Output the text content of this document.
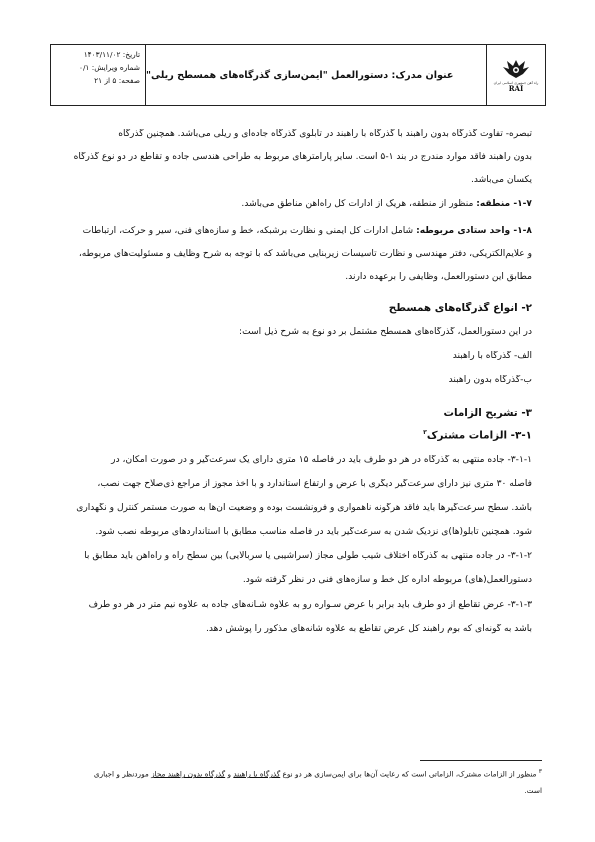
تاریخ: ۱۴۰۳/۱۱/۰۲
شماره ویرایش: ۰/۱
صفحه: ۵ از ۲۱ عنوان مدرک: دستورالعمل "ایمن‌سازی گذرگاه‌های همسطح ریلی"
راه آهن جمهوری اسلامی ایران
RAI
تبصره- تفاوت گذرگاه بدون راهبند با گذرگاه با راهبند در تابلوی گذرگاه جاده‌ای و ریلی می‌باشد. همچنین گذرگاه
بدون راهبند فاقد موارد مندرج در بند ۱-۵ است. سایر پارامترهای مربوط به طراحی هندسی جاده و تقاطع در دو نوع گذرگاه
یکسان می‌باشد.
۱-۷- منطقه: منظور از منطقه، هریک از ادارات کل راه‌آهن مناطق می‌باشد.
۱-۸- واحد ستادی مربوطه: شامل ادارات کل ایمنی و نظارت برشبکه، خط و سازه‌های فنی، سیر و حرکت، ارتباطات
و علایم‌الکتریکی، دفتر مهندسی و نظارت تاسیسات زیربنایی می‌باشد که با توجه به شرح وظایف و مسئولیت‌های مربوطه،
مطابق این دستورالعمل، وظایفی را برعهده دارند.
۲- انواع گذرگاه‌های همسطح
در این دستورالعمل، گذرگاه‌های همسطح مشتمل بر دو نوع به شرح ذیل است:
الف- گذرگاه با راهبند
ب-گذرگاه بدون راهبند
۳- تشریح الزامات
۳-۱- الزامات مشترک$^۳$
۳-۱-۱- جاده منتهی به گذرگاه در هر دو طرف باید در فاصله ۱۵ متری دارای یک سرعت‌گیر و در صورت امکان، در
فاصله ۳۰ متری نیز دارای سرعت‌گیر دیگری با عرض و ارتفاع استاندارد و با اخذ مجوز از مراجع ذی‌صلاح جهت نصب،
باشد. سطح سرعت‌گیرها باید فاقد هرگونه ناهمواری و فرونشست بوده و وضعیت آن‌ها به صورت مستمر کنترل و نگهداری
شود. همچنین تابلو(ها)ی نزدیک شدن به سرعت‌گیر باید در فاصله مناسب مطابق با استانداردهای مربوطه نصب شود.
۳-۱-۲- در جاده منتهی به گذرگاه اختلاف شیب طولی مجاز (سراشیبی یا سربالایی) بین سطح راه و راه‌آهن باید مطابق با
دستورالعمل(های) مربوطه اداره کل خط و سازه‌های فنی در نظر گرفته شود.
۳-۱-۳- عرض تقاطع از دو طرف باید برابر با عرض سـواره رو به علاوه شـانه‌های جاده به علاوه نیم متر در هر دو طرف
باشد به گونه‌ای که بوم راهبند کل عرض تقاطع به علاوه شانه‌های مذکور را پوشش دهد.
$^۳$ منظور از الزامات مشترک، الزاماتی است که رعایت آن‌ها برای ایمن‌سازی هر دو نوع گذرگاه با راهبند و گذرگاه بدون راهبند مجاز موردنظر و اجباری
است.
